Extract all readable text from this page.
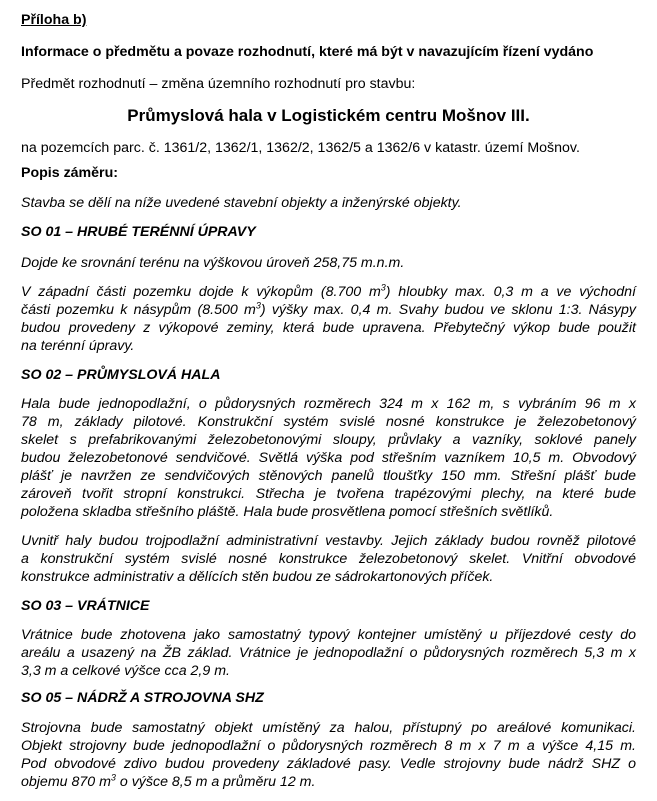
Příloha b)
Informace o předmětu a povaze rozhodnutí, které má být v navazujícím řízení vydáno
Předmět rozhodnutí – změna územního rozhodnutí pro stavbu:
Průmyslová hala v Logistickém centru Mošnov III.
na pozemcích parc. č. 1361/2, 1362/1, 1362/2, 1362/5 a 1362/6 v katastr. území Mošnov.
Popis záměru:
Stavba se dělí na níže uvedené stavební objekty a inženýrské objekty.
SO 01 – HRUBÉ TERÉNNÍ ÚPRAVY
Dojde ke srovnání terénu na výškovou úroveň 258,75 m.n.m.
V západní části pozemku dojde k výkopům (8.700 $m^3$) hloubky max. 0,3 m a ve východní
části pozemku k násypům (8.500 $m^3$) výšky max. 0,4 m. Svahy budou ve sklonu 1:3. Násypy
budou provedeny z výkopové zeminy, která bude upravena. Přebytečný výkop bude použit
na terénní úpravy.
SO 02 – PRŮMYSLOVÁ HALA
Hala bude jednopodlažní, o půdorysných rozměrech 324 m x 162 m, s vybráním 96 m x
78 m, základy pilotové. Konstrukční systém svislé nosné konstrukce je železobetonový
skelet s prefabrikovanými železobetonovými sloupy, průvlaky a vazníky, soklové panely
budou železobetonové sendvičové. Světlá výška pod střešním vazníkem 10,5 m. Obvodový
plášť je navržen ze sendvičových stěnových panelů tloušťky 150 mm. Střešní plášť bude
zároveň tvořit stropní konstrukci. Střecha je tvořena trapézovými plechy, na které bude
položena skladba střešního pláště. Hala bude prosvětlena pomocí střešních světlíků.
Uvnitř haly budou trojpodlažní administrativní vestavby. Jejich základy budou rovněž pilotové
a konstrukční systém svislé nosné konstrukce železobetonový skelet. Vnitřní obvodové
konstrukce administrativ a dělících stěn budou ze sádrokartonových příček.
SO 03 – VRÁTNICE
Vrátnice bude zhotovena jako samostatný typový kontejner umístěný u příjezdové cesty do
areálu a usazený na ŽB základ. Vrátnice je jednopodlažní o půdorysných rozměrech 5,3 m x
3,3 m a celkové výšce cca 2,9 m.
SO 05 – NÁDRŽ A STROJOVNA SHZ
Strojovna bude samostatný objekt umístěný za halou, přístupný po areálové komunikaci.
Objekt strojovny bude jednopodlažní o půdorysných rozměrech 8 m x 7 m a výšce 4,15 m.
Pod obvodové zdivo budou provedeny základové pasy. Vedle strojovny bude nádrž SHZ o
objemu 870 $m^3$ o výšce 8,5 m a průměru 12 m.
